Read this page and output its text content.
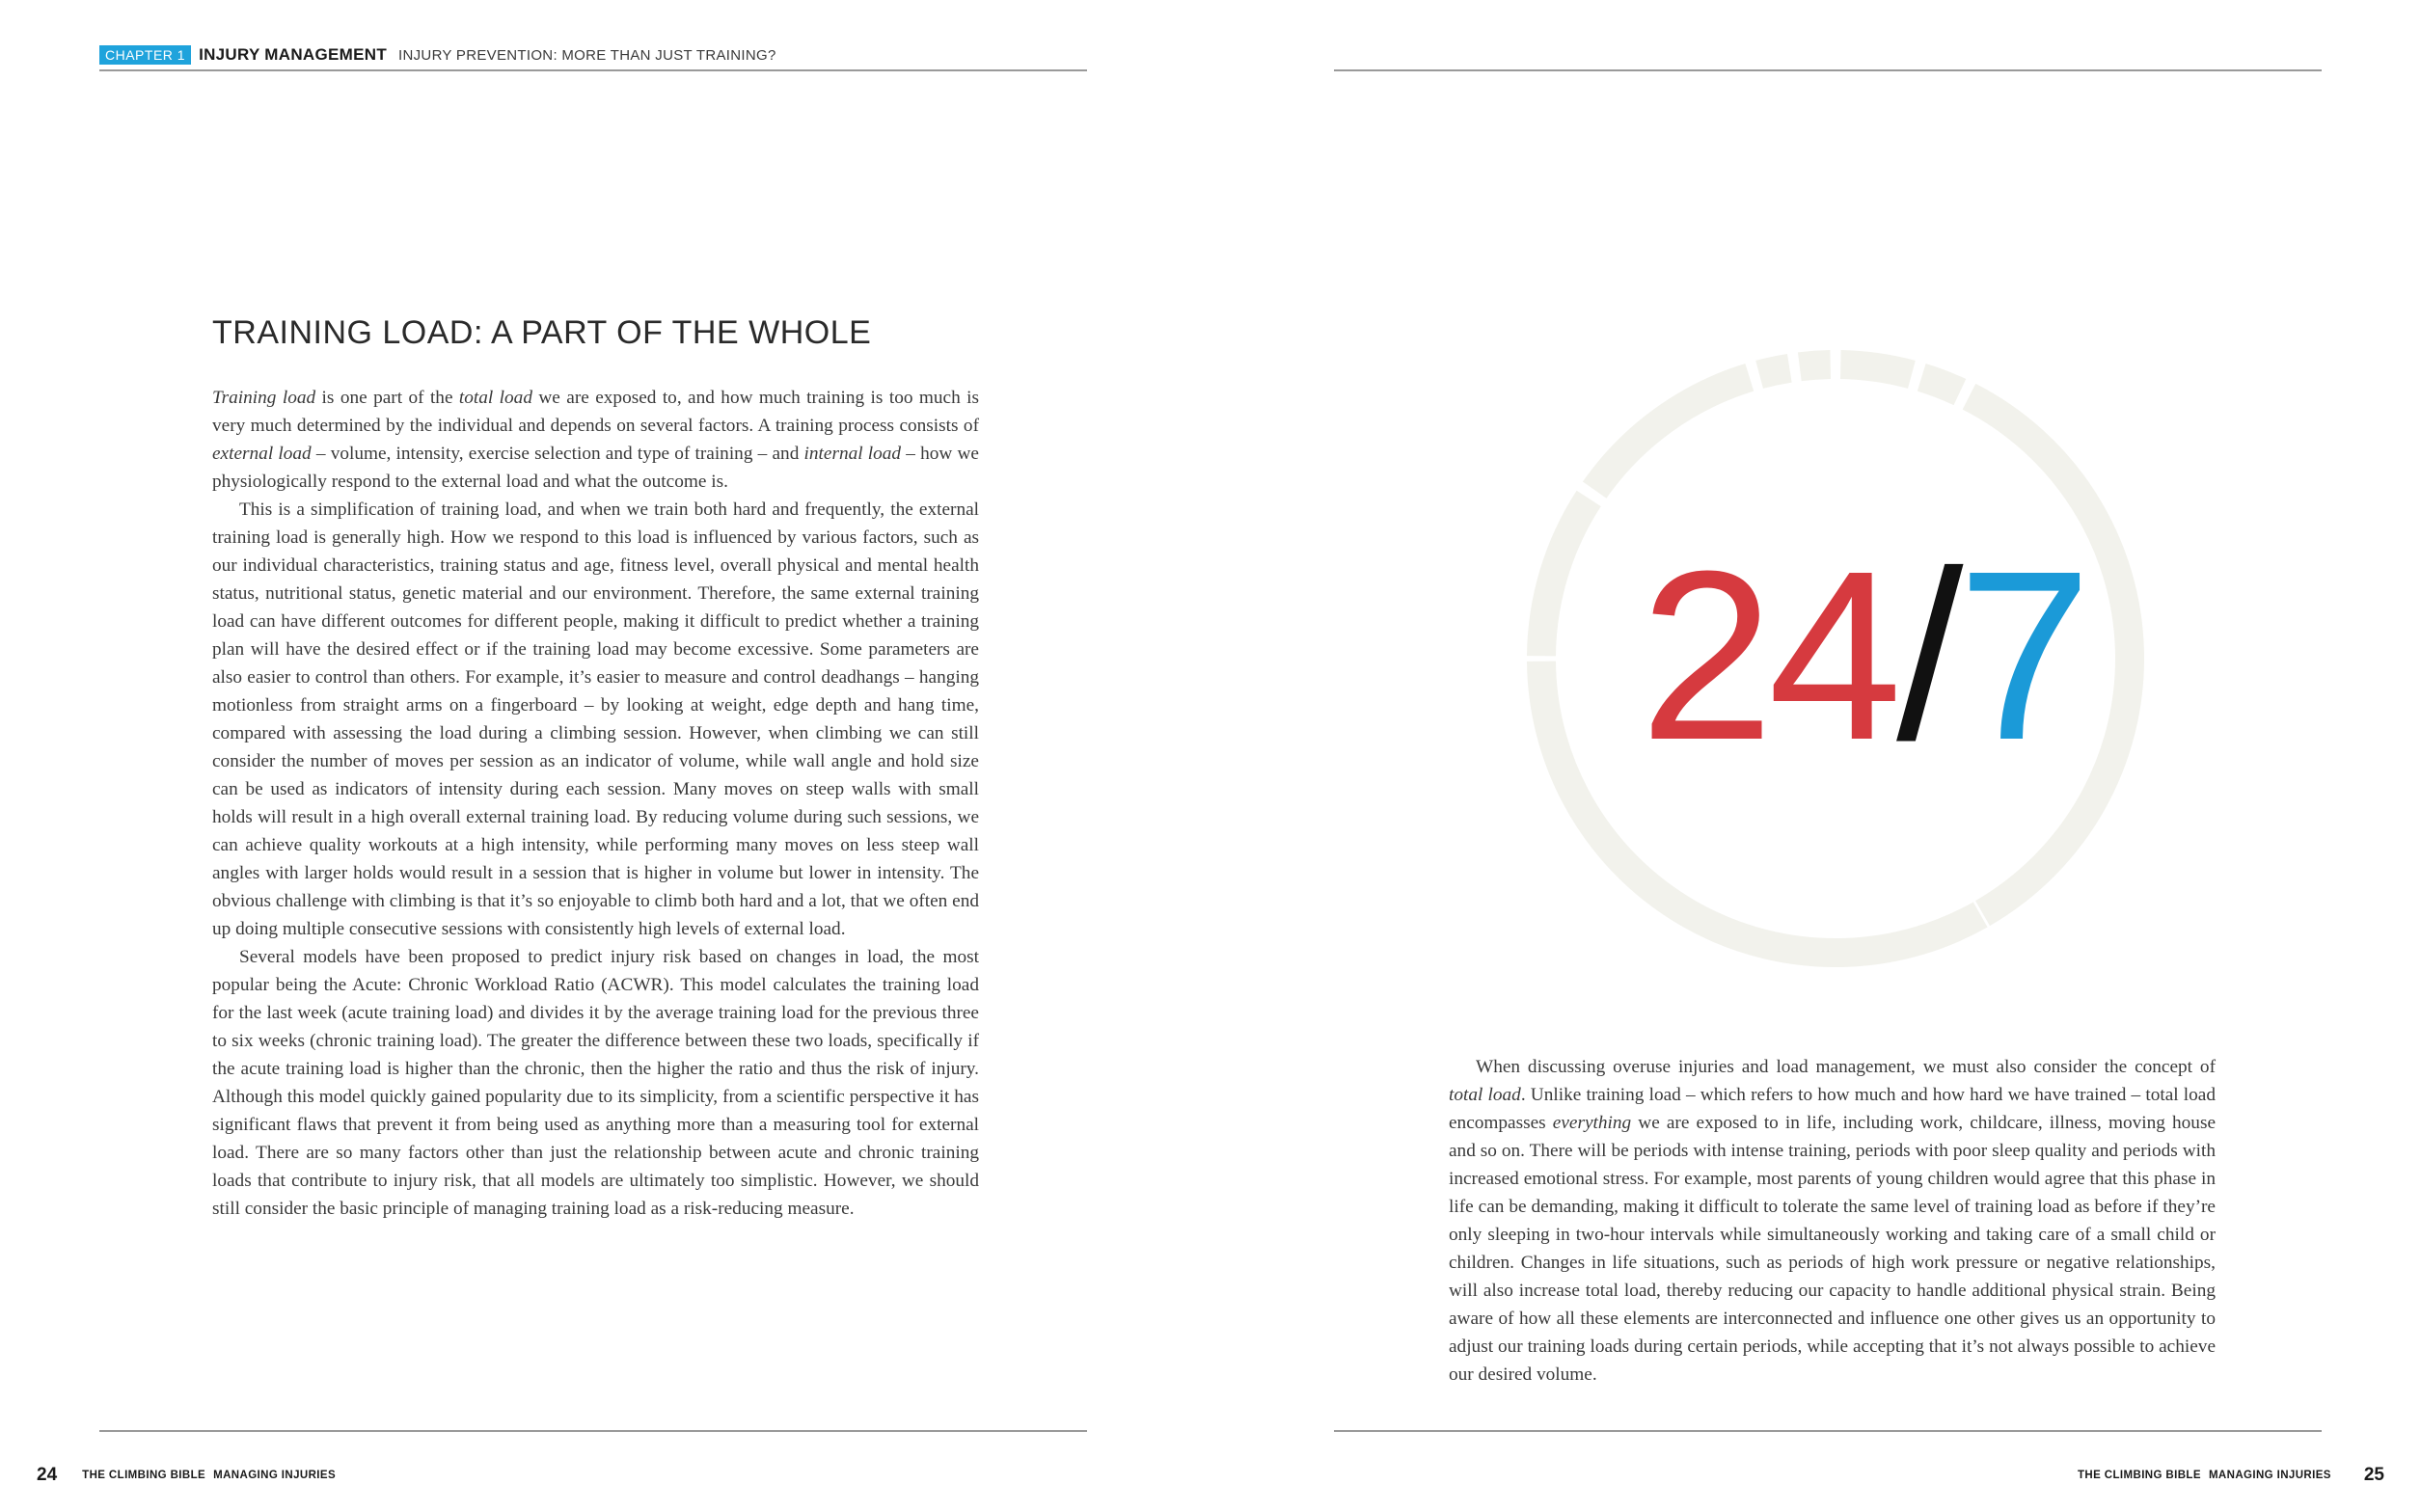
CHAPTER 1 INJURY MANAGEMENT INJURY PREVENTION: MORE THAN JUST TRAINING?
TRAINING LOAD: A PART OF THE WHOLE

Training load is one part of the total load we are exposed to, and how much training is too much is very much determined by the individual and depends on several factors. A training process consists of external load – volume, intensity, exercise selection and type of training – and internal load – how we physiologically respond to the external load and what the outcome is.

This is a simplification of training load, and when we train both hard and frequently, the external training load is generally high. How we respond to this load is influenced by various factors, such as our individual characteristics, training status and age, fitness level, overall physical and mental health status, nutritional status, genetic material and our environment. Therefore, the same external training load can have different outcomes for different people, making it difficult to predict whether a training plan will have the desired effect or if the training load may become excessive. Some parameters are also easier to control than others. For example, it’s easier to measure and control deadhangs – hanging motionless from straight arms on a fingerboard – by looking at weight, edge depth and hang time, compared with assessing the load during a climbing session. However, when climbing we can still consider the number of moves per session as an indicator of volume, while wall angle and hold size can be used as indicators of intensity during each session. Many moves on steep walls with small holds will result in a high overall external training load. By reducing volume during such sessions, we can achieve quality workouts at a high intensity, while performing many moves on less steep wall angles with larger holds would result in a session that is higher in volume but lower in intensity. The obvious challenge with climbing is that it’s so enjoyable to climb both hard and a lot, that we often end up doing multiple consecutive sessions with consistently high levels of external load.

Several models have been proposed to predict injury risk based on changes in load, the most popular being the Acute: Chronic Workload Ratio (ACWR). This model calculates the training load for the last week (acute training load) and divides it by the average training load for the previous three to six weeks (chronic training load). The greater the difference between these two loads, specifically if the acute training load is higher than the chronic, then the higher the ratio and thus the risk of injury. Although this model quickly gained popularity due to its simplicity, from a scientific perspective it has significant flaws that prevent it from being used as anything more than a measuring tool for external load. There are so many factors other than just the relationship between acute and chronic training loads that contribute to injury risk, that all models are ultimately too simplistic. However, we should still consider the basic principle of managing training load as a risk-reducing measure.

24/7

When discussing overuse injuries and load management, we must also consider the concept of total load. Unlike training load – which refers to how much and how hard we have trained – total load encompasses everything we are exposed to in life, including work, childcare, illness, moving house and so on. There will be periods with intense training, periods with poor sleep quality and periods with increased emotional stress. For example, most parents of young children would agree that this phase in life can be demanding, making it difficult to tolerate the same level of training load as before if they’re only sleeping in two-hour intervals while simultaneously working and taking care of a small child or children. Changes in life situations, such as periods of high work pressure or negative relationships, will also increase total load, thereby reducing our capacity to handle additional physical strain. Being aware of how all these elements are interconnected and influence one other gives us an opportunity to adjust our training loads during certain periods, while accepting that it’s not always possible to achieve our desired volume.

24 THE CLIMBING BIBLE MANAGING INJURIES	THE CLIMBING BIBLE MANAGING INJURIES 25
